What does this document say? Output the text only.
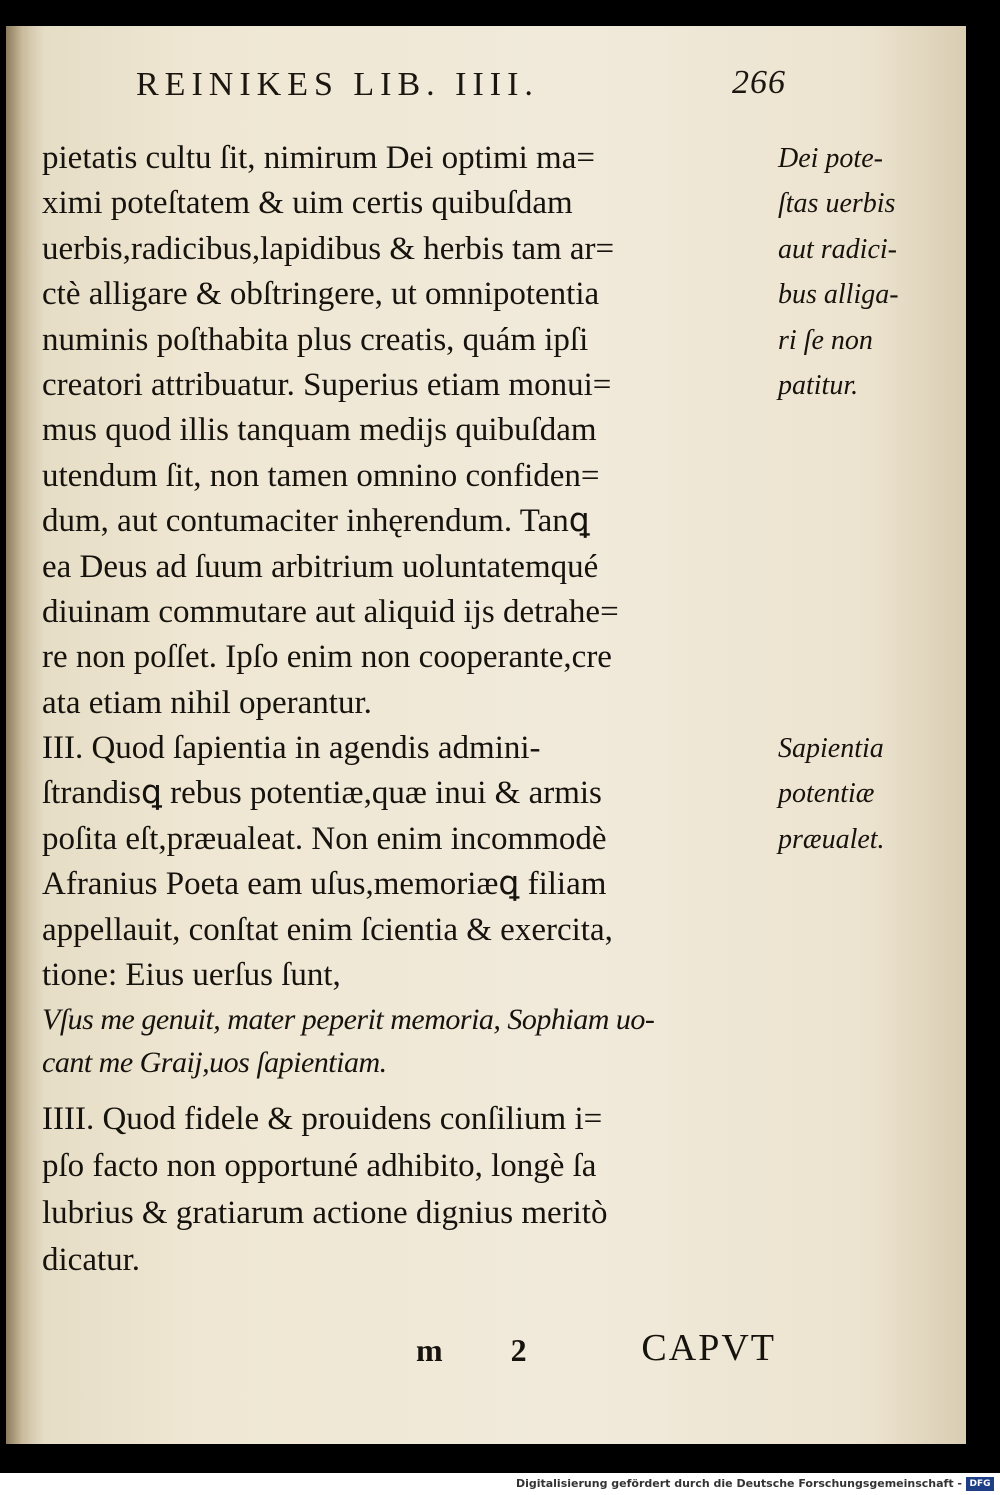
REINIKES LIB. IIII.	266
pietatis cultu ſit, nimirum Dei optimi ma=
ximi poteſtatem & uim certis quibuſdam
uerbis,radicibus,lapidibus & herbis tam ar=
ctè alligare & obſtringere, ut omnipotentia
numinis poſthabita plus creatis, quám ipſi
creatori attribuatur. Superius etiam monui=
mus quod illis tanquam medijs quibuſdam
utendum ſit, non tamen omnino confiden=
dum, aut contumaciter inhęrendum. Tanꝗ
ea Deus ad ſuum arbitrium uoluntatemqué
diuinam commutare aut aliquid ijs detrahe=
re non poſſet. Ipſo enim non cooperante,cre
ata etiam nihil operantur.
III. Quod ſapientia in agendis admini-
ſtrandisꝗ rebus potentiæ,quæ inui & armis
poſita eſt,præualeat. Non enim incommodè
Afranius Poeta eam uſus,memoriæꝗ filiam
appellauit, conſtat enim ſcientia & exercita,
tione: Eius uerſus ſunt,
Vſus me genuit, mater peperit memoria, Sophiam uo-
cant me Graij,uos ſapientiam.
IIII. Quod fidele & prouidens conſilium i=
pſo facto non opportuné adhibito, longè ſa
lubrius & gratiarum actione dignius meritò
dicatur.
Dei pote-
ſtas uerbis
aut radici-
bus alliga-
ri ſe non
patitur.
Sapientia
potentiæ
præualet.
m 2 CAPVT
Digitalisierung gefördert durch die Deutsche Forschungsgemeinschaft - DFG
